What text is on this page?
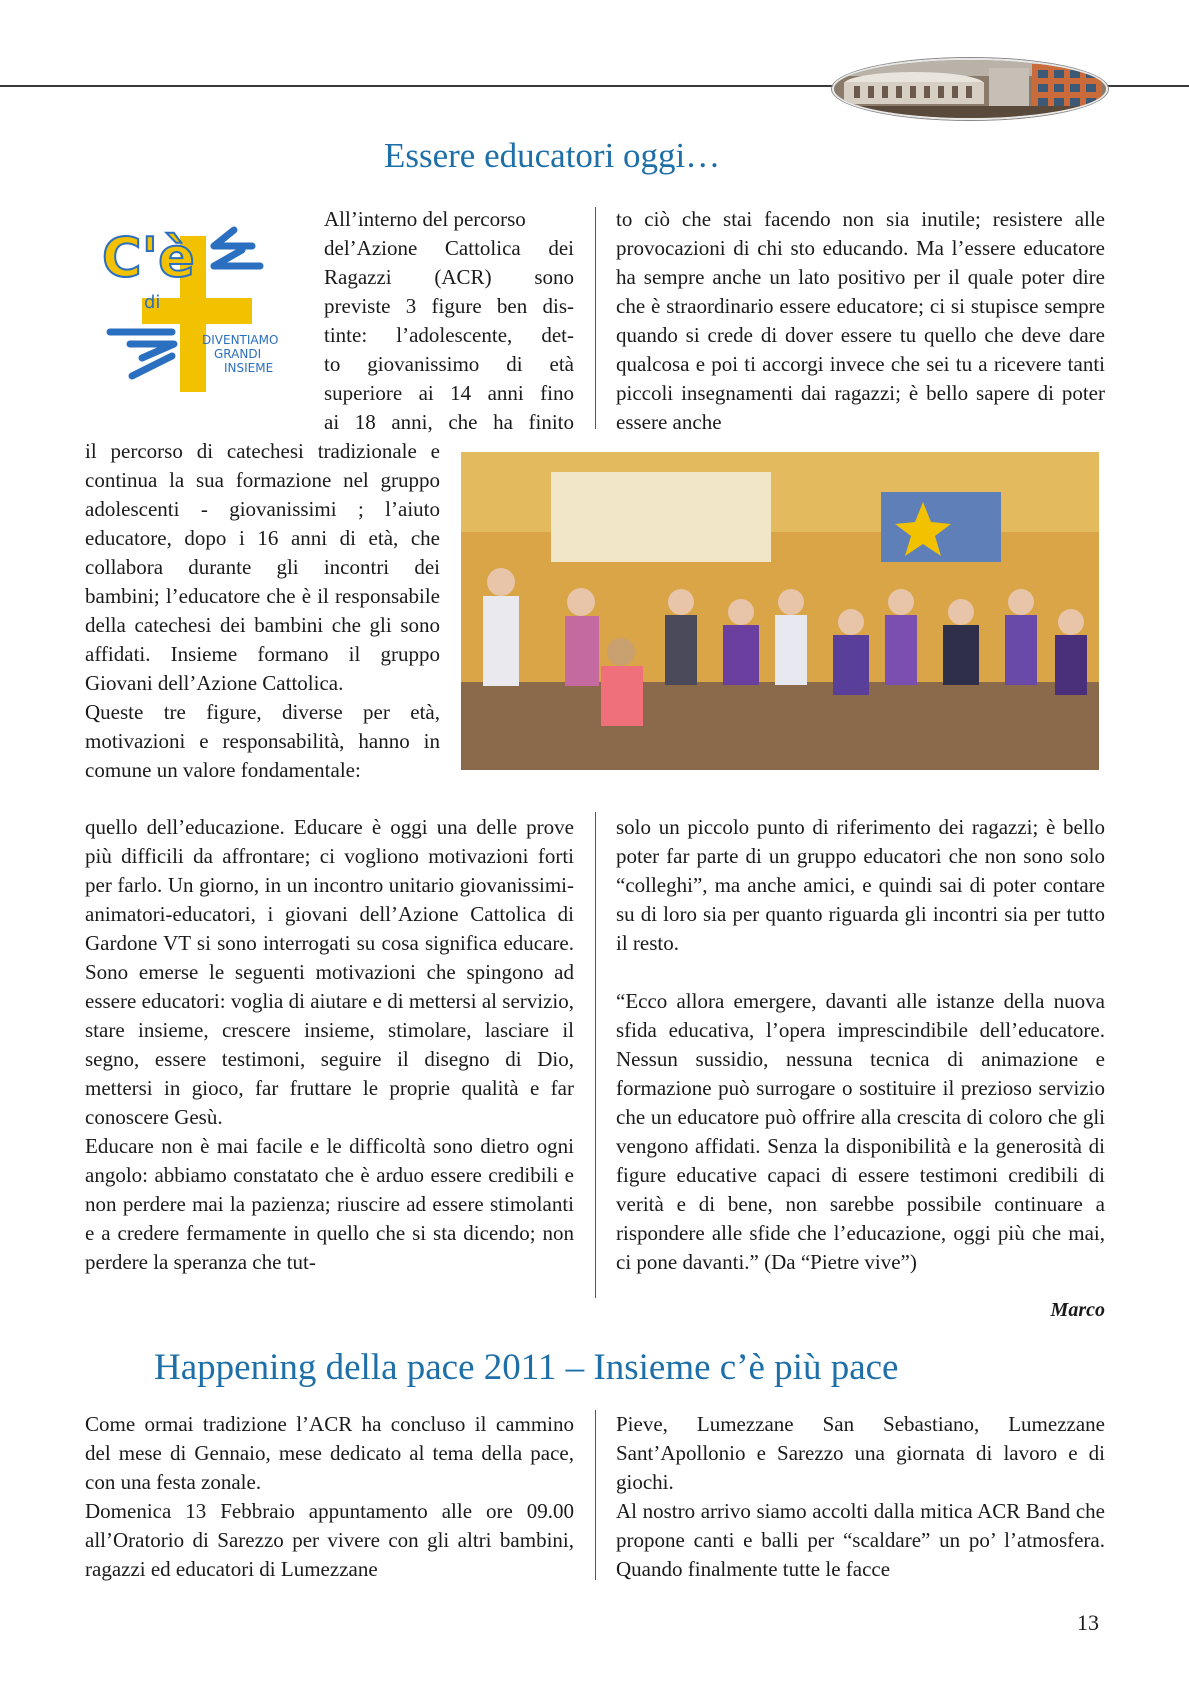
Essere educatori oggi…
C'è
di
DIVENTIAMO
GRANDI
INSIEME
All’interno del percorso
del’Azione Cattolica dei
Ragazzi (ACR) sono
previste 3 figure ben dis-
tinte: l’adolescente, det-
to giovanissimo di età
superiore ai 14 anni fino
ai 18 anni, che ha finito

il percorso di catechesi tradizionale e continua la sua formazione nel gruppo adolescenti - giovanissimi ; l’aiuto educatore, dopo i 16 anni di età, che collabora durante gli incontri dei bambini; l’educatore che è il responsabile della catechesi dei bambini che gli sono affidati. Insieme formano il gruppo Giovani dell’Azione Cattolica.

Queste tre figure, diverse per età, motivazioni e responsabilità, hanno in comune un valore fondamentale:

quello dell’educazione. Educare è oggi una delle prove più difficili da affrontare; ci vogliono motivazioni forti per farlo. Un giorno, in un incontro unitario giovanissimi-animatori-educatori, i giovani dell’Azione Cattolica di Gardone VT si sono interrogati su cosa significa educare. Sono emerse le seguenti motivazioni che spingono ad essere educatori: voglia di aiutare e di mettersi al servizio, stare insieme, crescere insieme, stimolare, lasciare il segno, essere testimoni, seguire il disegno di Dio, mettersi in gioco, far fruttare le proprie qualità e far conoscere Gesù.

Educare non è mai facile e le difficoltà sono dietro ogni angolo: abbiamo constatato che è arduo essere credibili e non perdere mai la pazienza; riuscire ad essere stimolanti e a credere fermamente in quello che si sta dicendo; non perdere la speranza che tut-

to ciò che stai facendo non sia inutile; resistere alle provocazioni di chi sto educando. Ma l’essere educatore ha sempre anche un lato positivo per il quale poter dire che è straordinario essere educatore; ci si stupisce sempre quando si crede di dover essere tu quello che deve dare qualcosa e poi ti accorgi invece che sei tu a ricevere tanti piccoli insegnamenti dai ragazzi; è bello sapere di poter essere anche

solo un piccolo punto di riferimento dei ragazzi; è bello poter far parte di un gruppo educatori che non sono solo “colleghi”, ma anche amici, e quindi sai di poter contare su di loro sia per quanto riguarda gli incontri sia per tutto il resto.

“Ecco allora emergere, davanti alle istanze della nuova sfida educativa, l’opera imprescindibile dell’educatore. Nessun sussidio, nessuna tecnica di animazione e formazione può surrogare o sostituire il prezioso servizio che un educatore può offrire alla crescita di coloro che gli vengono affidati. Senza la disponibilità e la generosità di figure educative capaci di essere testimoni credibili di verità e di bene, non sarebbe possibile continuare a rispondere alle sfide che l’educazione, oggi più che mai, ci pone davanti.” (Da “Pietre vive”)

Marco
Happening della pace 2011 – Insieme c’è più pace

Come ormai tradizione l’ACR ha concluso il cammino del mese di Gennaio, mese dedicato al tema della pace, con una festa zonale.

Domenica 13 Febbraio appuntamento alle ore 09.00 all’Oratorio di Sarezzo per vivere con gli altri bambini, ragazzi ed educatori di Lumezzane

Pieve, Lumezzane San Sebastiano, Lumezzane Sant’Apollonio e Sarezzo una giornata di lavoro e di giochi.

Al nostro arrivo siamo accolti dalla mitica ACR Band che propone canti e balli per “scaldare” un po’ l’atmosfera. Quando finalmente tutte le facce

13
